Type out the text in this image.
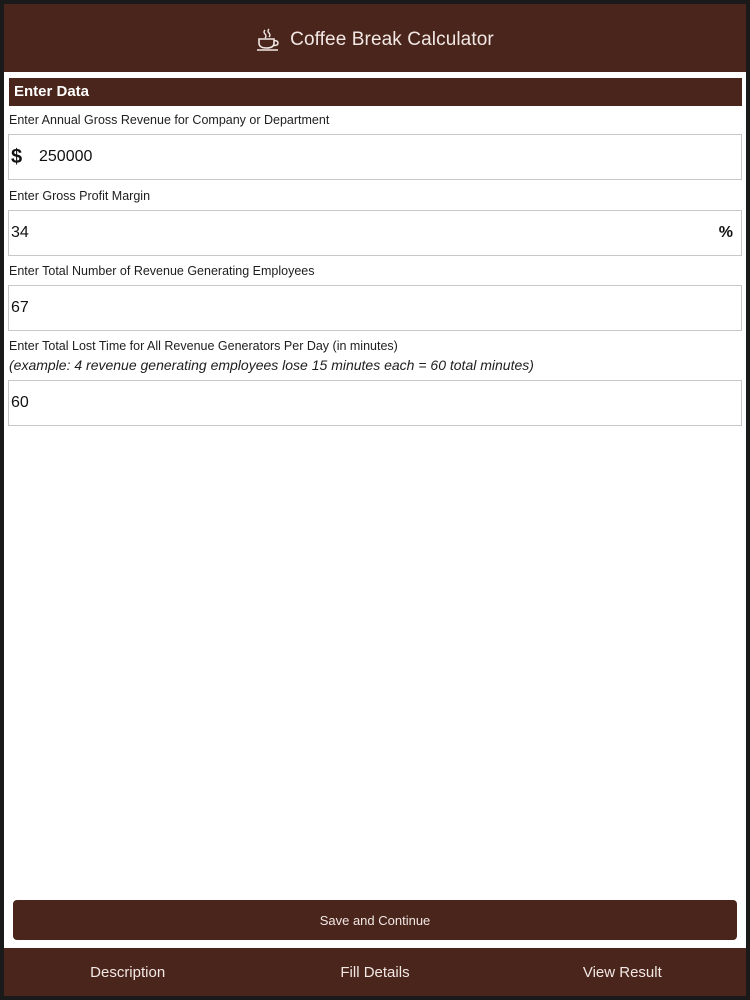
Coffee Break Calculator
Enter Data
Enter Annual Gross Revenue for Company or Department
$	250000
Enter Gross Profit Margin
34	%
Enter Total Number of Revenue Generating Employees
67
Enter Total Lost Time for All Revenue Generators Per Day (in minutes)
(example: 4 revenue generating employees lose 15 minutes each = 60 total minutes)
60
Save and Continue
Description	Fill Details	View Result
